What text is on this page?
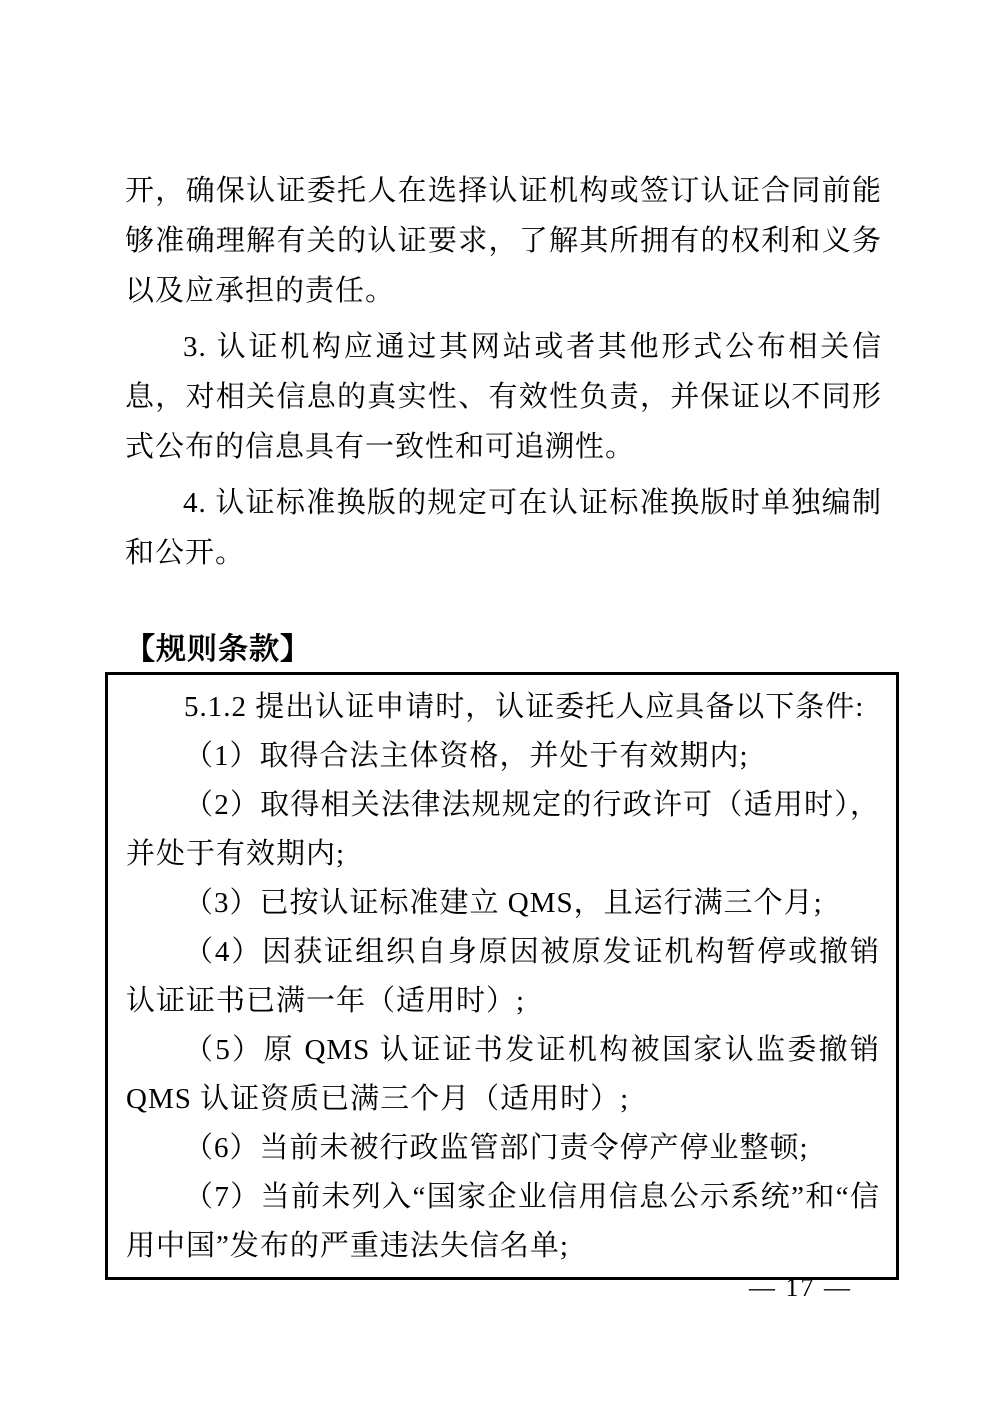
开，确保认证委托人在选择认证机构或签订认证合同前能够准确理解有关的认证要求，了解其所拥有的权利和义务以及应承担的责任。

3. 认证机构应通过其网站或者其他形式公布相关信息，对相关信息的真实性、有效性负责，并保证以不同形式公布的信息具有一致性和可追溯性。

4. 认证标准换版的规定可在认证标准换版时单独编制和公开。

【规则条款】

5.1.2 提出认证申请时，认证委托人应具备以下条件:

（1）取得合法主体资格，并处于有效期内;

（2）取得相关法律法规规定的行政许可（适用时），并处于有效期内;

（3）已按认证标准建立 QMS，且运行满三个月;

（4）因获证组织自身原因被原发证机构暂停或撤销认证证书已满一年（适用时）;

（5）原 QMS 认证证书发证机构被国家认监委撤销 QMS 认证资质已满三个月（适用时）;

（6）当前未被行政监管部门责令停产停业整顿;

（7）当前未列入“国家企业信用信息公示系统”和“信用中国”发布的严重违法失信名单;

— 17 —
